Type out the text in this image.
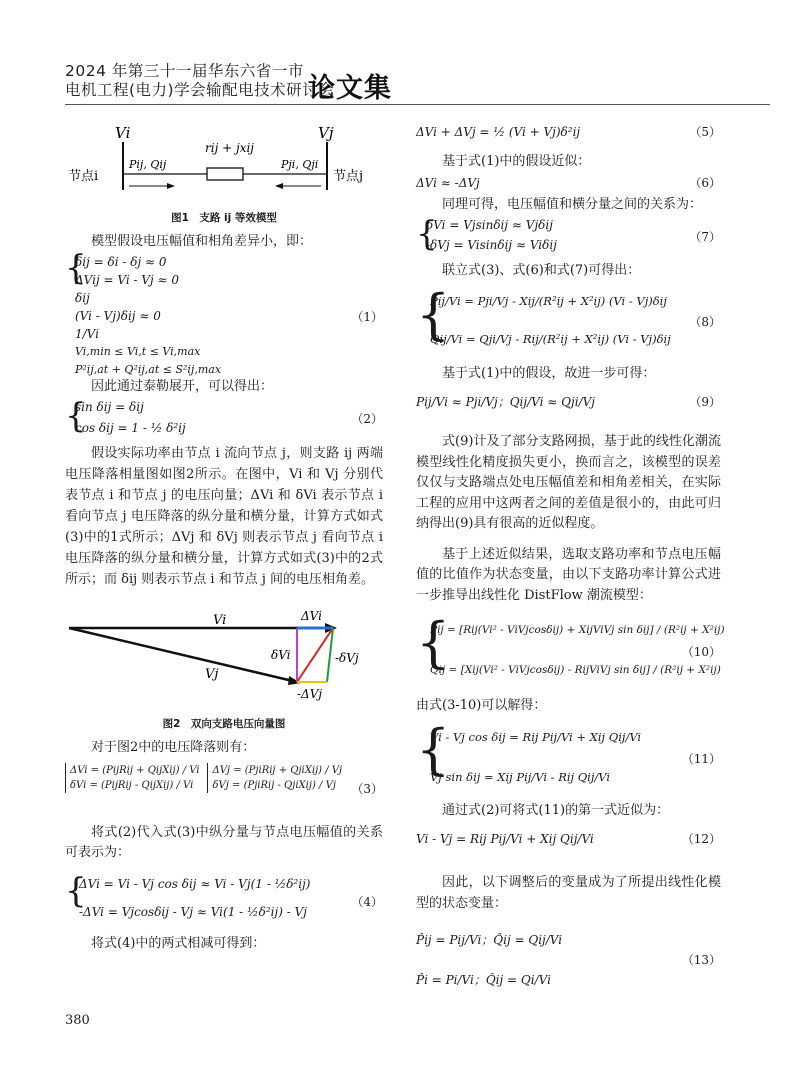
2024 年第三十一届华东六省一市
电机工程(电力)学会输配电技术研讨会
论文集
Vi	Vj
rij + jxij
Pij, Qij	Pji, Qji
节点i	节点j
图1　支路 ij 等效模型

模型假设电压幅值和相角差异小，即：

{
δij = δi - δj ≈ 0
ΔVij = Vi - Vj ≈ 0
δij
(Vi - Vj)δij ≈ 0
1/Vi
Vi,min ≤ Vi,t ≤ Vi,max
P²ij,at + Q²ij,at ≤ S²ij,max
（1）

因此通过泰勒展开，可以得出：

{
sin δij = δij
cos δij = 1 - ½ δ²ij
（2）

假设实际功率由节点 i 流向节点 j，则支路 ij 两端电压降落相量图如图2所示。在图中，Vi 和 Vj 分别代表节点 i 和节点 j 的电压向量；ΔVi 和 δVi 表示节点 i 看向节点 j 电压降落的纵分量和横分量，计算方式如式(3)中的1式所示；ΔVj 和 δVj 则表示节点 j 看向节点 i 电压降落的纵分量和横分量，计算方式如式(3)中的2式所示；而 δij 则表示节点 i 和节点 j 间的电压相角差。

Vi
Vj
ΔVi
δVi	-δVj
-ΔVj
图2　双向支路电压向量图

对于图2中的电压降落则有：

ΔVi = (PijRij + QijXij) / Vi
δVi = (PijRij - QijXij) / Vi
ΔVj = (PjiRij + QjiXij) / Vj
δVj = (PjiRij - QjiXij) / Vj	（3）

将式(2)代入式(3)中纵分量与节点电压幅值的关系可表示为：

{
ΔVi = Vi - Vj cos δij ≈ Vi - Vj(1 - ½δ²ij)
-ΔVi = Vjcosδij - Vj ≈ Vi(1 - ½δ²ij) - Vj
（4）

将式(4)中的两式相减可得到：

ΔVi + ΔVj = ½ (Vi + Vj)δ²ij	（5）

基于式(1)中的假设近似：

ΔVi ≈ -ΔVj	（6）

同理可得，电压幅值和横分量之间的关系为：

{
δVi = Vjsinδij ≈ Vjδij
-δVj = Visinδij ≈ Viδij
（7）

联立式(3)、式(6)和式(7)可得出：

{
Pij/Vi = Pji/Vj - Xij/(R²ij + X²ij) (Vi - Vj)δij
Qij/Vi = Qji/Vj - Rij/(R²ij + X²ij) (Vi - Vj)δij
（8）

基于式(1)中的假设，故进一步可得：

Pij/Vi ≈ Pji/Vj；Qij/Vi ≈ Qji/Vj	（9）

式(9)计及了部分支路网损，基于此的线性化潮流模型线性化精度损失更小，换而言之，该模型的误差仅仅与支路端点处电压幅值差和相角差相关，在实际工程的应用中这两者之间的差值是很小的，由此可归纳得出(9)具有很高的近似程度。

基于上述近似结果，选取支路功率和节点电压幅值的比值作为状态变量，由以下支路功率计算公式进一步推导出线性化 DistFlow 潮流模型：

{
Pij = [Rij(Vi² - ViVjcosδij) + XijViVj sin δij] / (R²ij + X²ij)
Qij = [Xij(Vi² - ViVjcosδij) - RijViVj sin δij] / (R²ij + X²ij)
（10）

由式(3-10)可以解得：

{
Vi - Vj cos δij = Rij Pij/Vi + Xij Qij/Vi
Vj sin δij = Xij Pij/Vi - Rij Qij/Vi
（11）

通过式(2)可将式(11)的第一式近似为：

Vi - Vj = Rij Pij/Vi + Xij Qij/Vi	（12）

因此，以下调整后的变量成为了所提出线性化模型的状态变量：

P̂ij = Pij/Vi；Q̂ij = Qij/Vi
P̂i = Pi/Vi；Q̂ij = Qi/Vi
（13）
380
